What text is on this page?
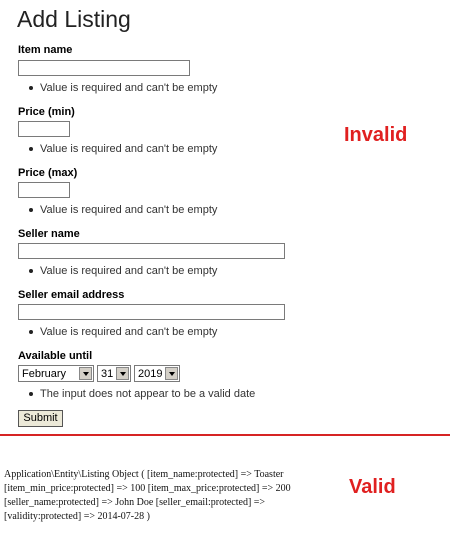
Add Listing
Item name
Value is required and can't be empty
Price (min)
Value is required and can't be empty
Price (max)
Value is required and can't be empty
Seller name
Value is required and can't be empty
Seller email address
Value is required and can't be empty
Available until
February	31 2019
The input does not appear to be a valid date
Submit
Invalid
Application\Entity\Listing Object ( [item_name:protected] => Toaster [item_min_price:protected] => 100 [item_max_price:protected] => 200 [seller_name:protected] => John Doe [seller_email:protected] => [validity:protected] => 2014-07-28 )
Valid
